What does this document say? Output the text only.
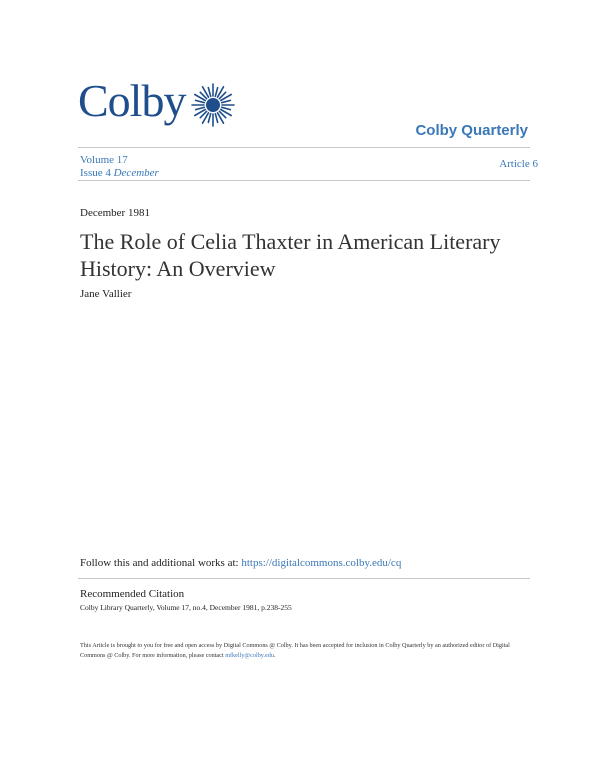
Colby
Colby Quarterly
Volume 17
Issue 4 December
Article 6
December 1981
The Role of Celia Thaxter in American Literary History: An Overview
Jane Vallier
Follow this and additional works at: https://digitalcommons.colby.edu/cq
Recommended Citation
Colby Library Quarterly, Volume 17, no.4, December 1981, p.238-255
This Article is brought to you for free and open access by Digital Commons @ Colby. It has been accepted for inclusion in Colby Quarterly by an authorized editor of Digital Commons @ Colby. For more information, please contact mfkelly@colby.edu.
